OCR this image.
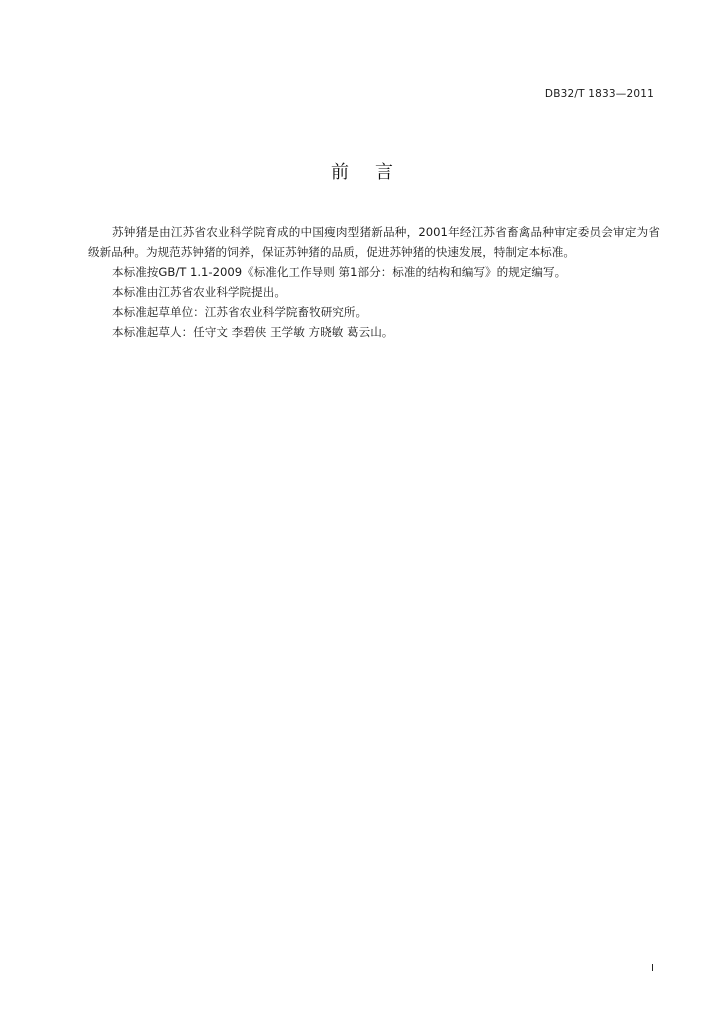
DB32/T 1833—2011
前 言

苏钟猪是由江苏省农业科学院育成的中国瘦肉型猪新品种，2001年经江苏省畜禽品种审定委员会审定为省级新品种。为规范苏钟猪的饲养，保证苏钟猪的品质，促进苏钟猪的快速发展，特制定本标准。

本标准按GB/T 1.1-2009《标准化工作导则 第1部分：标准的结构和编写》的规定编写。

本标准由江苏省农业科学院提出。

本标准起草单位：江苏省农业科学院畜牧研究所。

本标准起草人：任守文 李碧侠 王学敏 方晓敏 葛云山。

I
